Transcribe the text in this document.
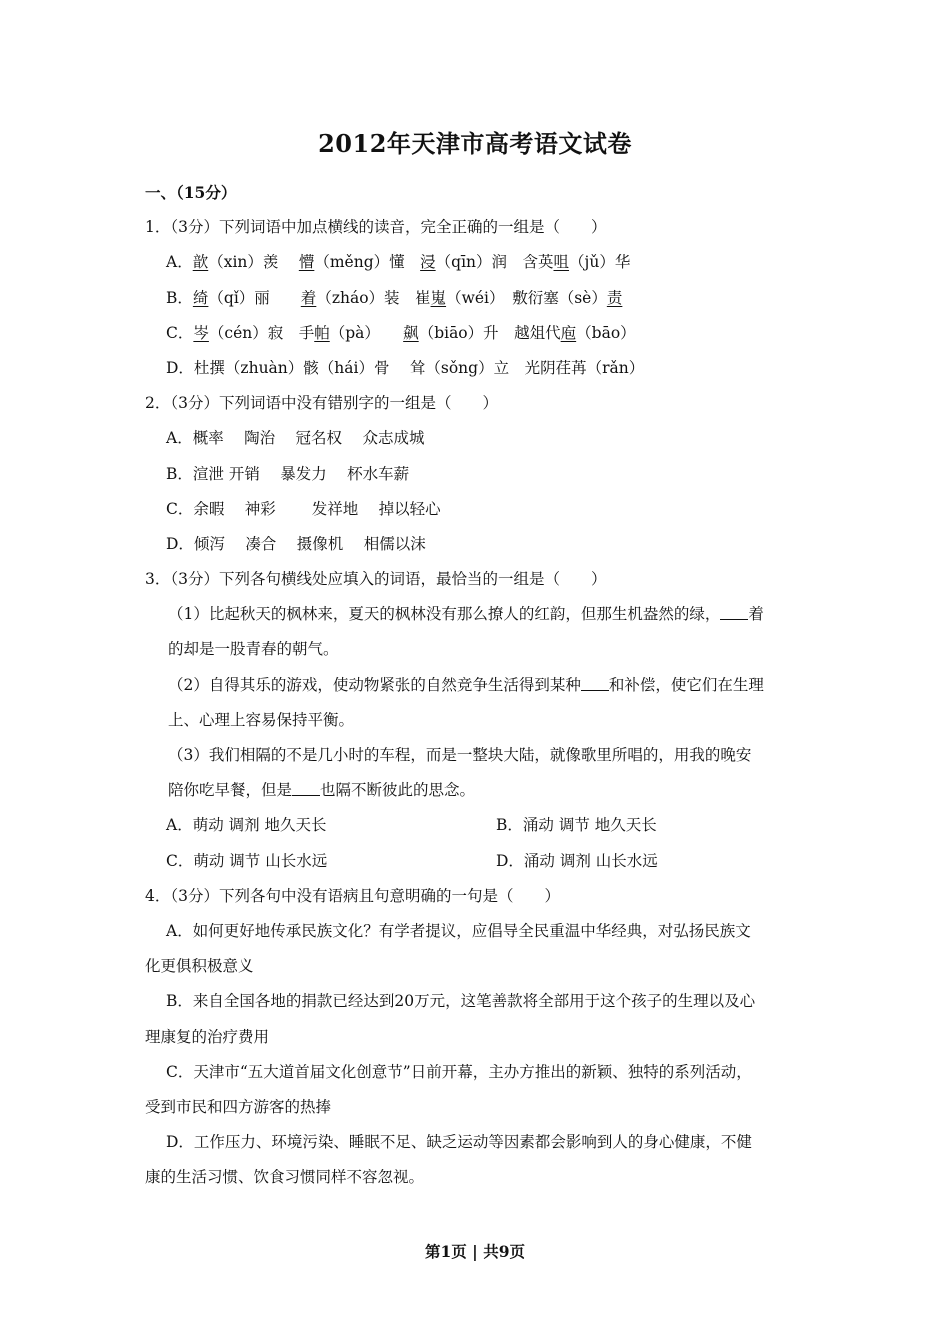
2012年天津市高考语文试卷
一、（15分）
1．（3分）下列词语中加点横线的读音，完全正确的一组是（　　）
A．歆（xin）羡　 懵（měng）懂　浸（qīn）润　含英咀（jǔ）华
B．绮（qǐ）丽　　着（zháo）装　崔嵬（wéi）　敷衍塞（sè）责
C．岑（cén）寂　手帕（pà）　　飙（biāo）升　越俎代庖（bāo）
D．杜撰（zhuàn）骸（hái）骨　 耸（sǒng）立　光阴荏苒（rǎn）
2．（3分）下列词语中没有错别字的一组是（　　）
A．概率　 陶治　 冠名权　 众志成城
B．渲泄 开销　 暴发力　 杯水车薪
C．余暇　 神彩　　 发祥地　 掉以轻心
D．倾泻　 凑合　 摄像机　 相儒以沫
3．（3分）下列各句横线处应填入的词语，最恰当的一组是（　　）
（1）比起秋天的枫林来，夏天的枫林没有那么撩人的红韵，但那生机盎然的绿， 着
的却是一股青春的朝气。
（2）自得其乐的游戏，使动物紧张的自然竞争生活得到某种 和补偿，使它们在生理
上、心理上容易保持平衡。
（3）我们相隔的不是几小时的车程，而是一整块大陆，就像歌里所唱的，用我的晚安
陪你吃早餐，但是 也隔不断彼此的思念。
A．萌动 调剂 地久天长	B．涌动 调节 地久天长
C．萌动 调节 山长水远	D．涌动 调剂 山长水远
4．（3分）下列各句中没有语病且句意明确的一句是（　　）
A．如何更好地传承民族文化？有学者提议，应倡导全民重温中华经典，对弘扬民族文
化更俱积极意义
B．来自全国各地的捐款已经达到20万元，这笔善款将全部用于这个孩子的生理以及心
理康复的治疗费用
C．天津市“五大道首届文化创意节”日前开幕，主办方推出的新颖、独特的系列活动，
受到市民和四方游客的热捧
D．工作压力、环境污染、睡眠不足、缺乏运动等因素都会影响到人的身心健康，不健
康的生活习惯、饮食习惯同样不容忽视。
第1页 | 共9页
